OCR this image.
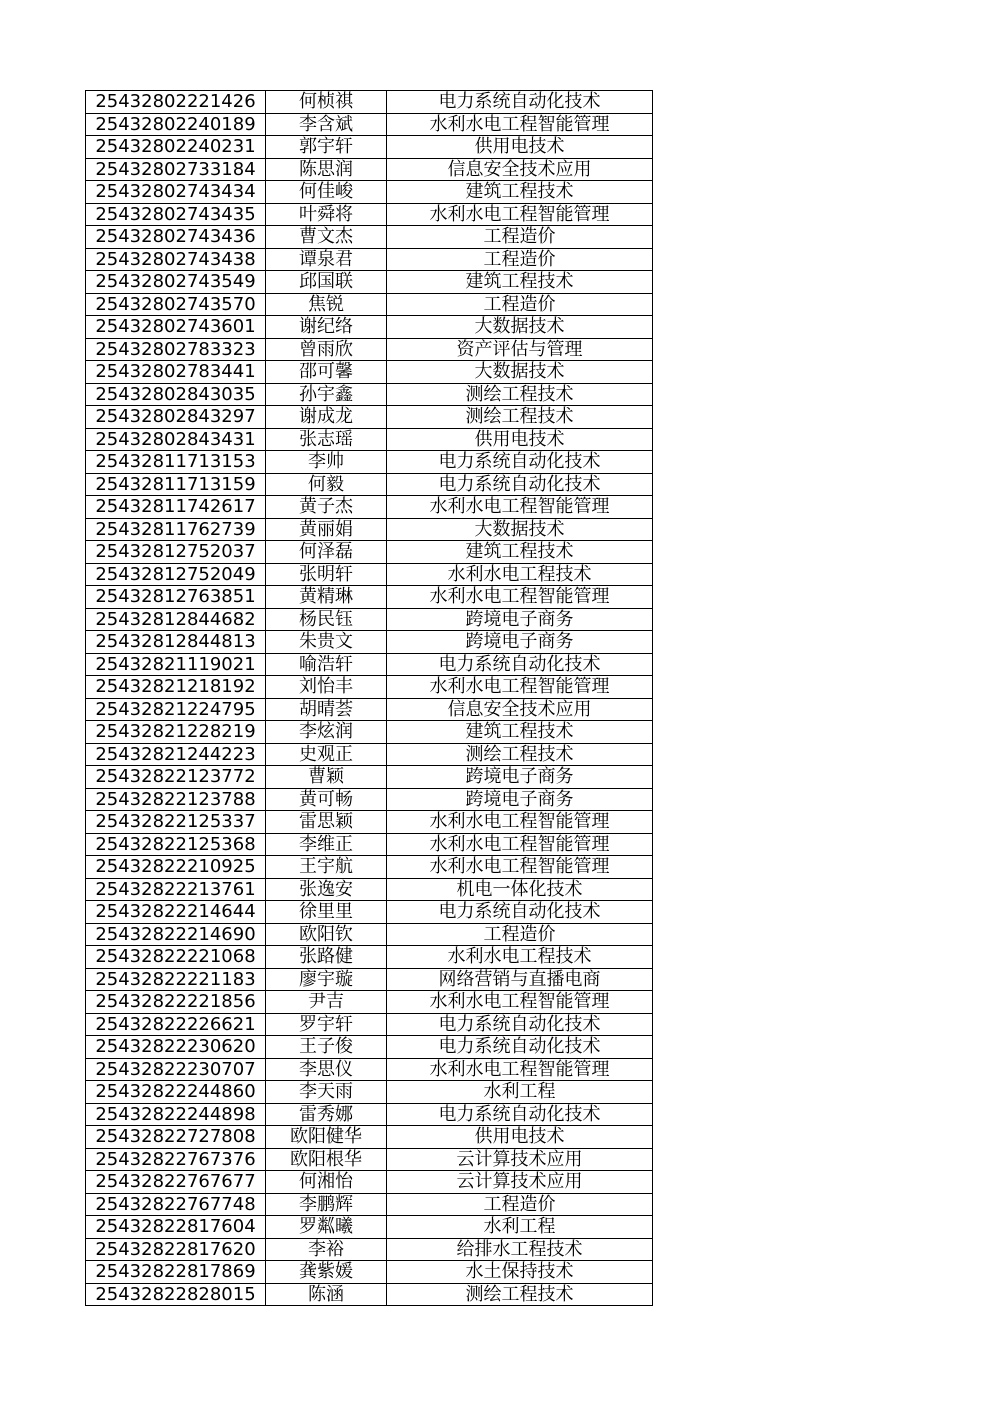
25432802221426	何桢祺	电力系统自动化技术
25432802240189	李含斌	水利水电工程智能管理
25432802240231	郭宇轩	供用电技术
25432802733184	陈思润	信息安全技术应用
25432802743434	何佳峻	建筑工程技术
25432802743435	叶舜将	水利水电工程智能管理
25432802743436	曹文杰	工程造价
25432802743438	谭泉君	工程造价
25432802743549	邱国联	建筑工程技术
25432802743570	焦锐	工程造价
25432802743601	谢纪络	大数据技术
25432802783323	曾雨欣	资产评估与管理
25432802783441	邵可馨	大数据技术
25432802843035	孙宇鑫	测绘工程技术
25432802843297	谢成龙	测绘工程技术
25432802843431	张志瑶	供用电技术
25432811713153	李帅	电力系统自动化技术
25432811713159	何毅	电力系统自动化技术
25432811742617	黄子杰	水利水电工程智能管理
25432811762739	黄丽娟	大数据技术
25432812752037	何泽磊	建筑工程技术
25432812752049	张明轩	水利水电工程技术
25432812763851	黄精琳	水利水电工程智能管理
25432812844682	杨民钰	跨境电子商务
25432812844813	朱贵文	跨境电子商务
25432821119021	喻浩轩	电力系统自动化技术
25432821218192	刘怡丰	水利水电工程智能管理
25432821224795	胡晴荟	信息安全技术应用
25432821228219	李炫润	建筑工程技术
25432821244223	史观正	测绘工程技术
25432822123772	曹颖	跨境电子商务
25432822123788	黄可畅	跨境电子商务
25432822125337	雷思颖	水利水电工程智能管理
25432822125368	李维正	水利水电工程智能管理
25432822210925	王宇航	水利水电工程智能管理
25432822213761	张逸安	机电一体化技术
25432822214644	徐里里	电力系统自动化技术
25432822214690	欧阳钦	工程造价
25432822221068	张路健	水利水电工程技术
25432822221183	廖宇璇	网络营销与直播电商
25432822221856	尹吉	水利水电工程智能管理
25432822226621	罗宇轩	电力系统自动化技术
25432822230620	王子俊	电力系统自动化技术
25432822230707	李思仪	水利水电工程智能管理
25432822244860	李天雨	水利工程
25432822244898	雷秀娜	电力系统自动化技术
25432822727808	欧阳健华	供用电技术
25432822767376	欧阳根华	云计算技术应用
25432822767677	何湘怡	云计算技术应用
25432822767748	李鹏辉	工程造价
25432822817604	罗粼曦	水利工程
25432822817620	李裕	给排水工程技术
25432822817869	龚紫媛	水土保持技术
25432822828015	陈涵	测绘工程技术
